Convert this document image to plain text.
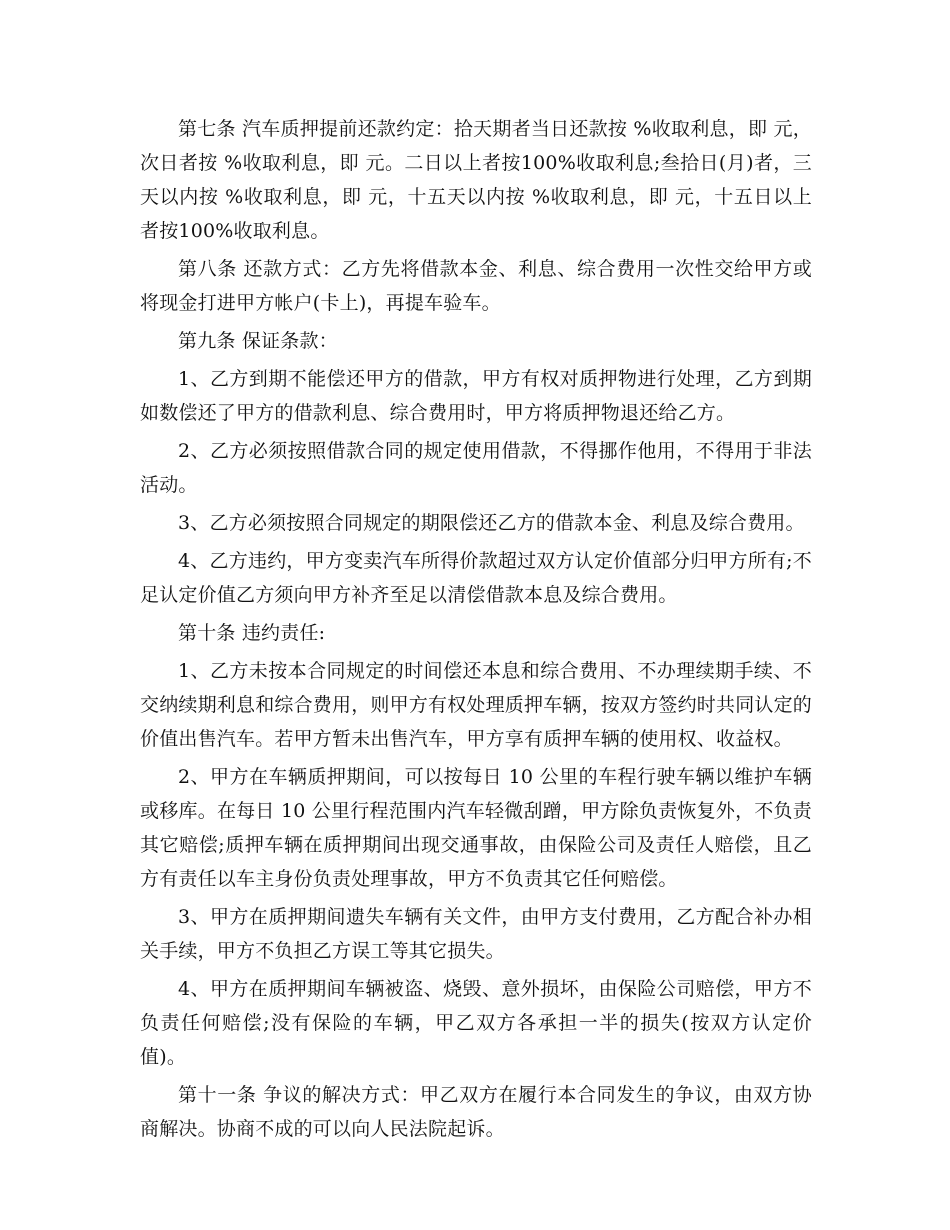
第七条 汽车质押提前还款约定：拾天期者当日还款按 %收取利息，即 元，次日者按 %收取利息，即 元。二日以上者按100%收取利息;叁拾日(月)者，三天以内按 %收取利息，即 元，十五天以内按 %收取利息，即 元，十五日以上者按100%收取利息。

第八条 还款方式：乙方先将借款本金、利息、综合费用一次性交给甲方或将现金打进甲方帐户(卡上)，再提车验车。

第九条 保证条款：

1、乙方到期不能偿还甲方的借款，甲方有权对质押物进行处理，乙方到期如数偿还了甲方的借款利息、综合费用时，甲方将质押物退还给乙方。

2、乙方必须按照借款合同的规定使用借款，不得挪作他用，不得用于非法活动。

3、乙方必须按照合同规定的期限偿还乙方的借款本金、利息及综合费用。

4、乙方违约，甲方变卖汽车所得价款超过双方认定价值部分归甲方所有;不足认定价值乙方须向甲方补齐至足以清偿借款本息及综合费用。

第十条 违约责任:

1、乙方未按本合同规定的时间偿还本息和综合费用、不办理续期手续、不交纳续期利息和综合费用，则甲方有权处理质押车辆，按双方签约时共同认定的价值出售汽车。若甲方暂未出售汽车，甲方享有质押车辆的使用权、收益权。

2、甲方在车辆质押期间，可以按每日 10 公里的车程行驶车辆以维护车辆或移库。在每日 10 公里行程范围内汽车轻微刮蹭，甲方除负责恢复外，不负责其它赔偿;质押车辆在质押期间出现交通事故，由保险公司及责任人赔偿，且乙方有责任以车主身份负责处理事故，甲方不负责其它任何赔偿。

3、甲方在质押期间遗失车辆有关文件，由甲方支付费用，乙方配合补办相关手续，甲方不负担乙方误工等其它损失。

4、甲方在质押期间车辆被盗、烧毁、意外损坏，由保险公司赔偿，甲方不负责任何赔偿;没有保险的车辆，甲乙双方各承担一半的损失(按双方认定价值)。

第十一条 争议的解决方式：甲乙双方在履行本合同发生的争议，由双方协商解决。协商不成的可以向人民法院起诉。
